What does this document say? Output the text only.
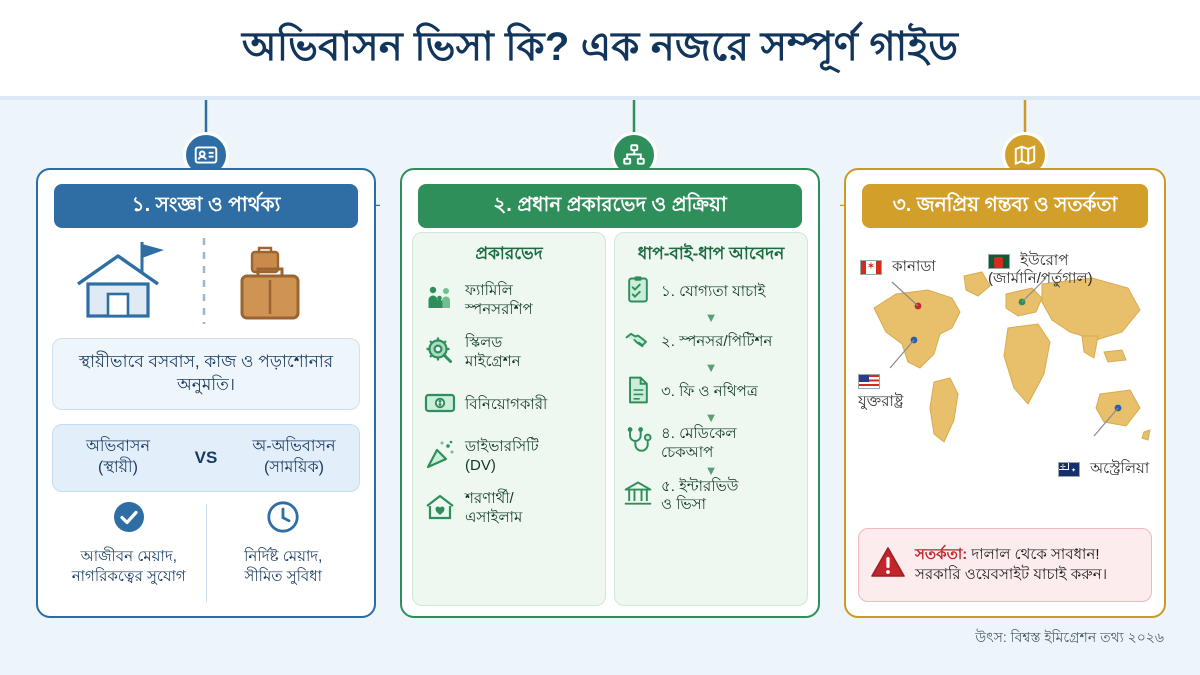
অভিবাসন ভিসা কি? এক নজরে সম্পূর্ণ গাইড
১. সংজ্ঞা ও পার্থক্য
স্থায়ীভাবে বসবাস, কাজ ও পড়াশোনার অনুমতি।
অভিবাসন
(স্থায়ী)
VS
অ-অভিবাসন
(সাময়িক)
আজীবন মেয়াদ,
নাগরিকত্বের সুযোগ
নির্দিষ্ট মেয়াদ,
সীমিত সুবিধা
২. প্রধান প্রকারভেদ ও প্রক্রিয়া
প্রকারভেদ
ফ্যামিলি
স্পনসরশিপ
স্কিলড
মাইগ্রেশন
বিনিয়োগকারী
ডাইভারসিটি
(DV)
শরণার্থী/
এসাইলাম
ধাপ-বাই-ধাপ আবেদন
১. যোগ্যতা যাচাই
▼
২. স্পনসর/পিটিশন
▼
৩. ফি ও নথিপত্র
▼
৪. মেডিকেল
চেকআপ
▼
৫. ইন্টারভিউ
ও ভিসা
৩. জনপ্রিয় গন্তব্য ও সতর্কতা
✶ কানাডা	ইউরোপ
(জার্মানি/পর্তুগাল)
যুক্তরাষ্ট্র
✛ ✦ অস্ট্রেলিয়া
সতর্কতা: দালাল থেকে সাবধান!
সরকারি ওয়েবসাইট যাচাই করুন।
উৎস: বিশ্বস্ত ইমিগ্রেশন তথ্য ২০২৬
